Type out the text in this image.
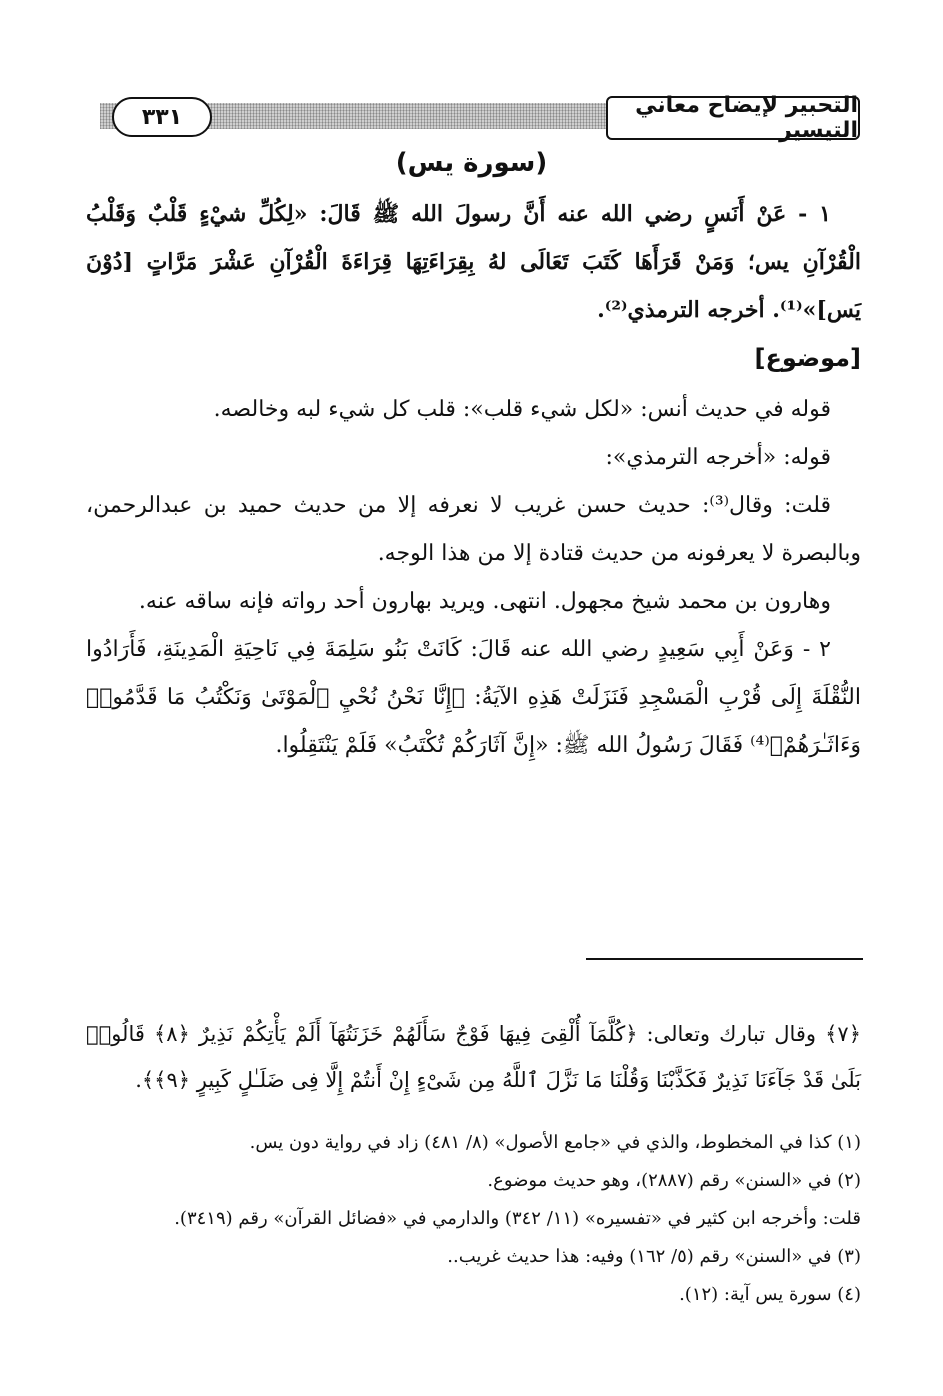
٣٣١	التحبير لإيضاح معاني التيسير
(سورة يس)

١ - عَنْ أَنَسٍ رضي الله عنه أَنَّ رسولَ الله ﷺ قَالَ: «لِكُلِّ شيْءٍ قَلْبٌ وَقَلْبُ الْقُرْآنِ يس؛ وَمَنْ قَرَأَهَا كَتَبَ تَعَالَى لهُ بِقِرَاءَتِهَا قِرَاءَةَ الْقُرْآنِ عَشْرَ مَرَّاتٍ [دُوْنَ يَس]»⁽¹⁾. أخرجه الترمذي⁽²⁾.

[موضوع]

قوله في حديث أنس: «لكل شيء قلب»: قلب كل شيء لبه وخالصه.

قوله: «أخرجه الترمذي»:

قلت: وقال⁽³⁾: حديث حسن غريب لا نعرفه إلا من حديث حميد بن عبدالرحمن، وبالبصرة لا يعرفونه من حديث قتادة إلا من هذا الوجه.

وهارون بن محمد شيخ مجهول. انتهى. ويريد بهارون أحد رواته فإنه ساقه عنه.

٢ - وَعَنْ أَبِي سَعِيدٍ رضي الله عنه قَالَ: كَانَتْ بَنُو سَلِمَةَ فِي نَاحِيَةِ الْمَدِينَةِ، فَأَرَادُوا النُّقْلَةَ إِلَى قُرْبِ الْمَسْجِدِ فَنَزَلَتْ هَذِهِ الآيَةُ: ﴿إِنَّا نَحْنُ نُحْيِ ٱلْمَوْتَىٰ وَنَكْتُبُ مَا قَدَّمُوا۟ وَءَاثَـٰرَهُمْ﴾⁽⁴⁾ فَقَالَ رَسُولُ الله ﷺ: «إِنَّ آثَارَكُمْ تُكْتَبُ» فَلَمْ يَنْتَقِلُوا.

﴿٧﴾ وقال تبارك وتعالى: ﴿كُلَّمَآ أُلْقِىَ فِيهَا فَوْجٌ سَأَلَهُمْ خَزَنَتُهَآ أَلَمْ يَأْتِكُمْ نَذِيرٌ ﴿٨﴾ قَالُوا۟ بَلَىٰ قَدْ جَآءَنَا نَذِيرٌ فَكَذَّبْنَا وَقُلْنَا مَا نَزَّلَ ٱللَّهُ مِن شَىْءٍ إِنْ أَنتُمْ إِلَّا فِى ضَلَـٰلٍ كَبِيرٍ ﴿٩﴾﴾.

(١) كذا في المخطوط، والذي في «جامع الأصول» (٨/ ٤٨١) زاد في رواية دون يس.

(٢) في «السنن» رقم (٢٨٨٧)، وهو حديث موضوع.

قلت: وأخرجه ابن كثير في «تفسيره» (١١/ ٣٤٢) والدارمي في «فضائل القرآن» رقم (٣٤١٩).

(٣) في «السنن» رقم (٥/ ١٦٢) وفيه: هذا حديث غريب..

(٤) سورة يس آية: (١٢).
